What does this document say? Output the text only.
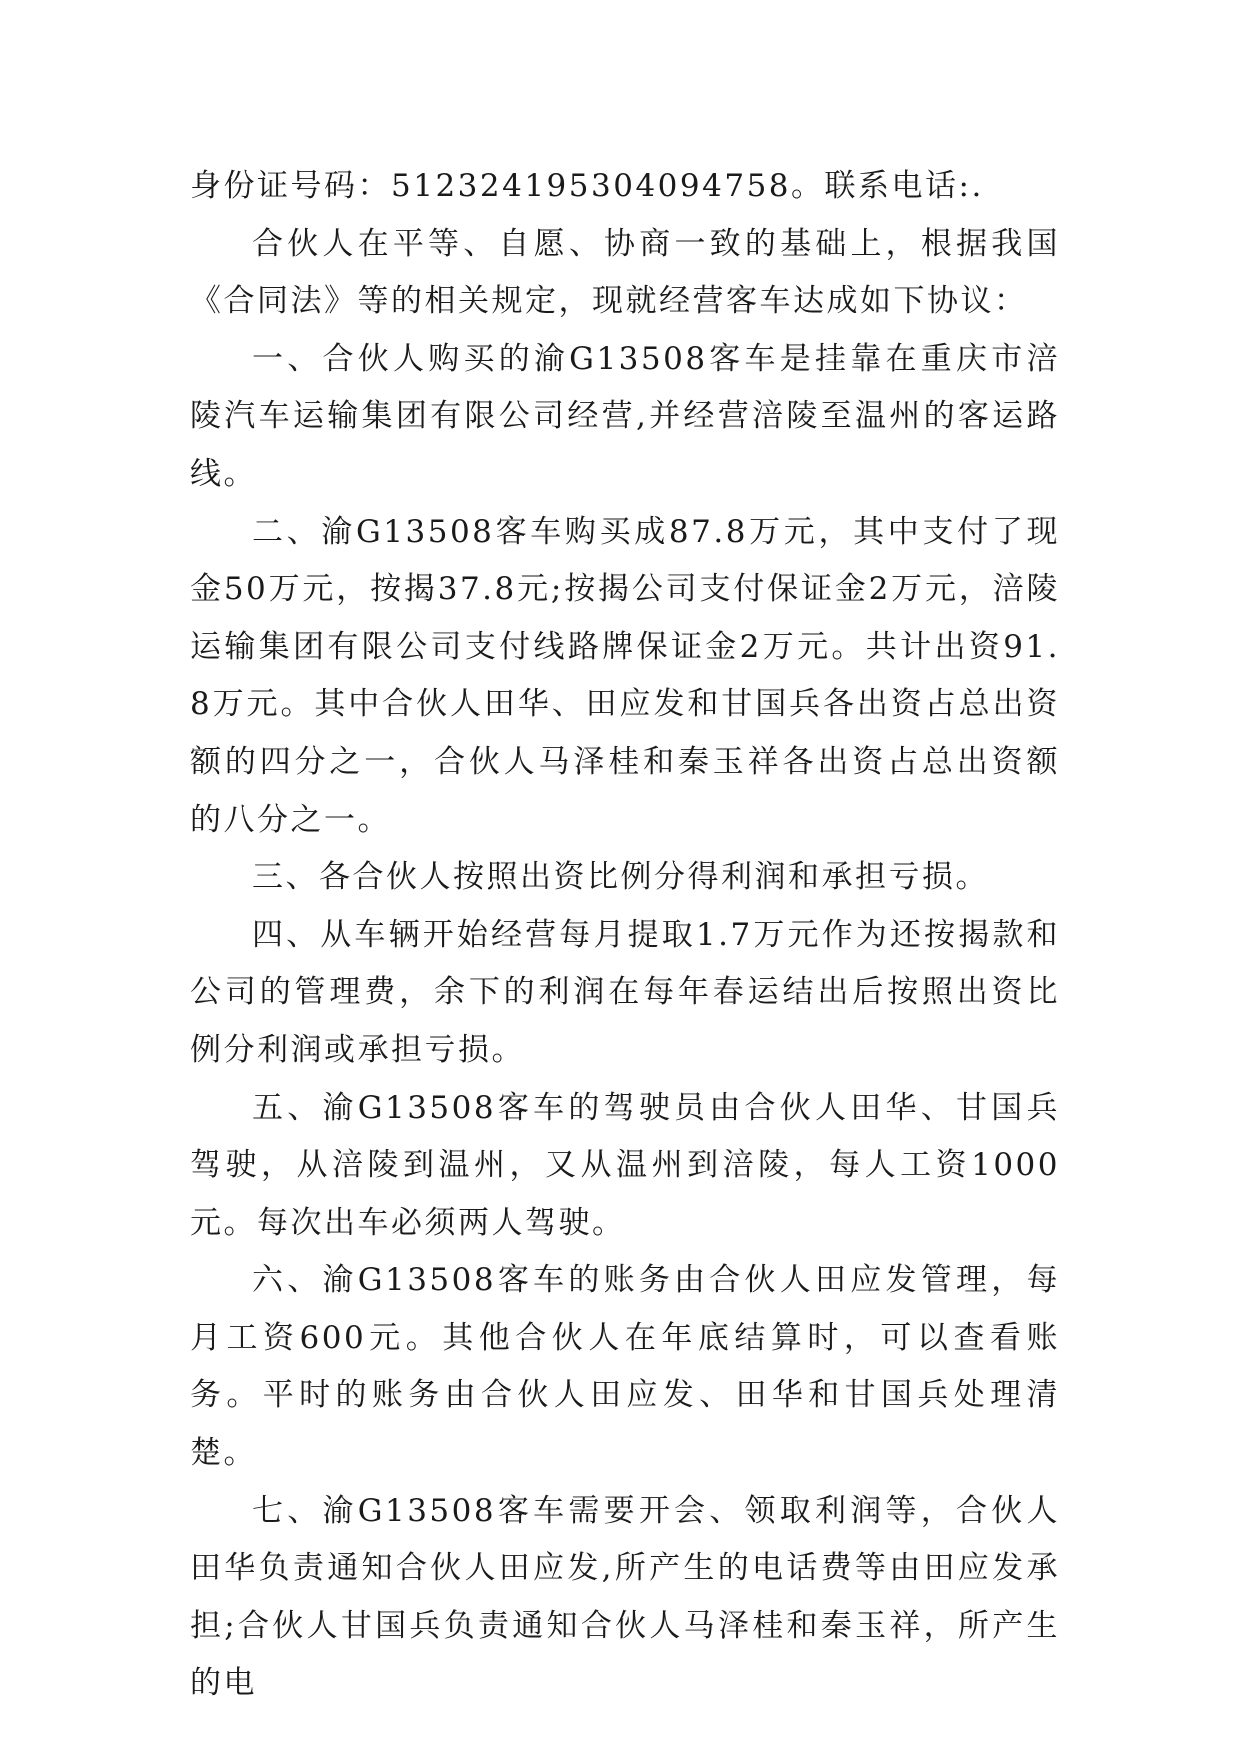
身份证号码：512324195304094758。联系电话:.

合伙人在平等、自愿、协商一致的基础上，根据我国《合同法》等的相关规定，现就经营客车达成如下协议：

一、合伙人购买的渝G13508客车是挂靠在重庆市涪陵汽车运输集团有限公司经营,并经营涪陵至温州的客运路线。

二、渝G13508客车购买成87.8万元，其中支付了现金50万元，按揭37.8元;按揭公司支付保证金2万元，涪陵运输集团有限公司支付线路牌保证金2万元。共计出资91.8万元。其中合伙人田华、田应发和甘国兵各出资占总出资额的四分之一，合伙人马泽桂和秦玉祥各出资占总出资额的八分之一。

三、各合伙人按照出资比例分得利润和承担亏损。

四、从车辆开始经营每月提取1.7万元作为还按揭款和公司的管理费，余下的利润在每年春运结出后按照出资比例分利润或承担亏损。

五、渝G13508客车的驾驶员由合伙人田华、甘国兵驾驶，从涪陵到温州，又从温州到涪陵，每人工资1000元。每次出车必须两人驾驶。

六、渝G13508客车的账务由合伙人田应发管理，每月工资600元。其他合伙人在年底结算时，可以查看账务。平时的账务由合伙人田应发、田华和甘国兵处理清楚。

七、渝G13508客车需要开会、领取利润等，合伙人田华负责通知合伙人田应发,所产生的电话费等由田应发承担;合伙人甘国兵负责通知合伙人马泽桂和秦玉祥，所产生的电
